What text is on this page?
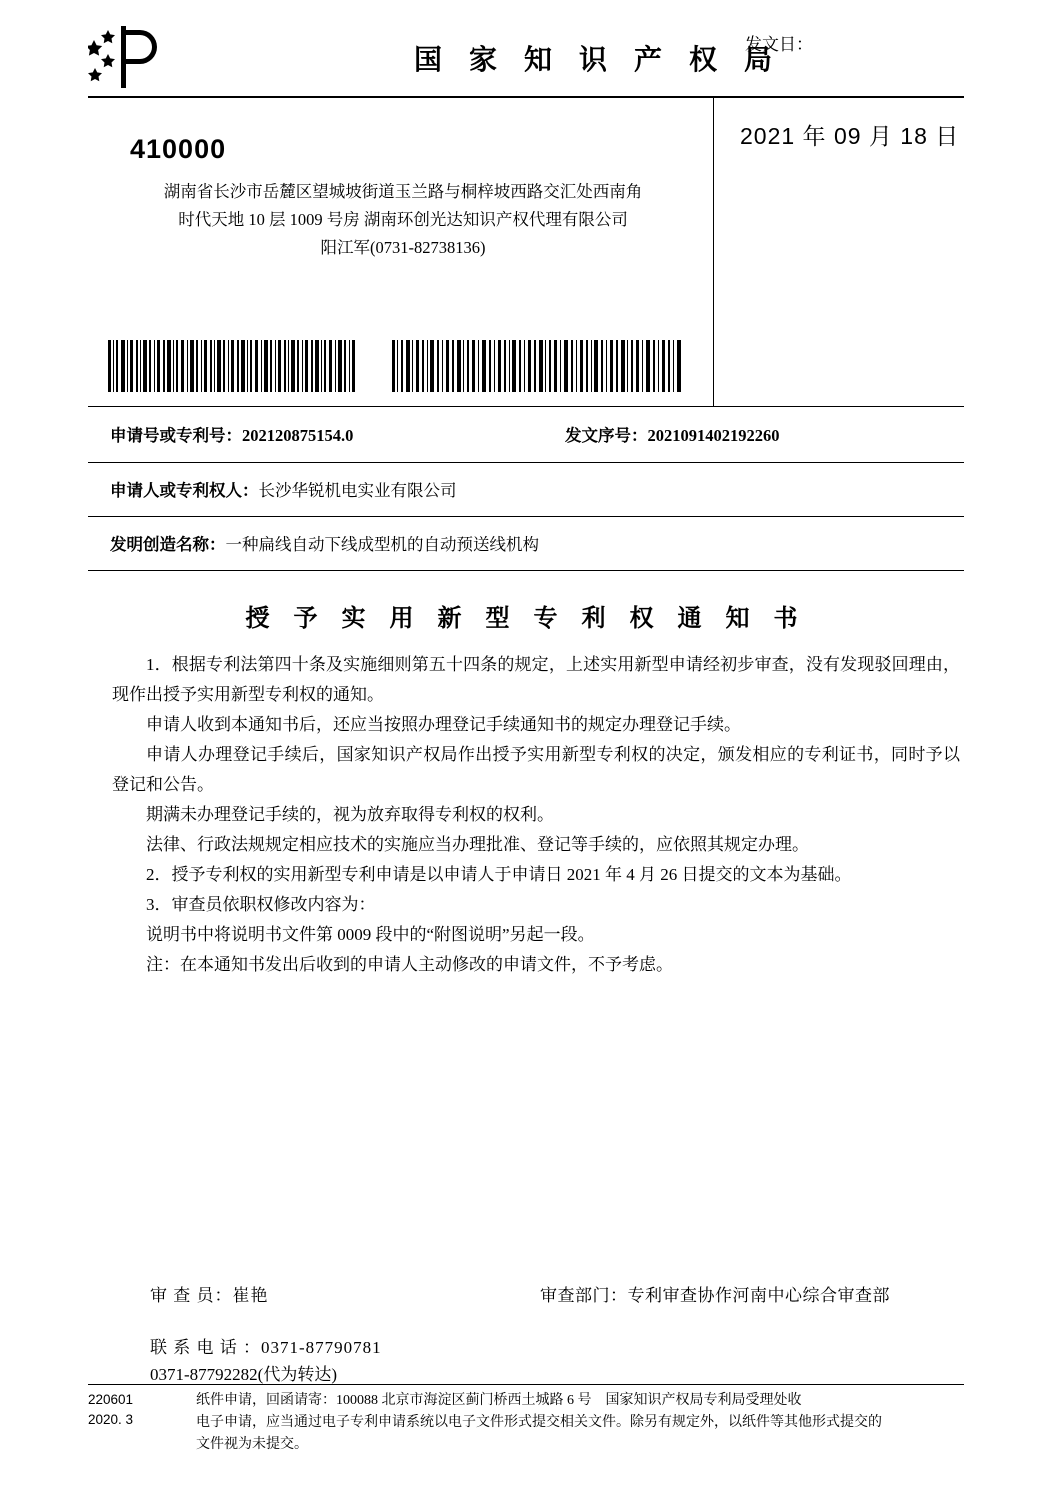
国 家 知 识 产 权 局
410000
湖南省长沙市岳麓区望城坡街道玉兰路与桐梓坡西路交汇处西南角
时代天地 10 层 1009 号房 湖南环创光达知识产权代理有限公司
阳江军(0731-82738136)
发文日：
2021 年 09 月 18 日
申请号或专利号：202120875154.0	发文序号：2021091402192260
申请人或专利权人：长沙华锐机电实业有限公司
发明创造名称：一种扁线自动下线成型机的自动预送线机构
授 予 实 用 新 型 专 利 权 通 知 书

1．根据专利法第四十条及实施细则第五十四条的规定，上述实用新型申请经初步审查，没有发现驳回理由，现作出授予实用新型专利权的通知。

申请人收到本通知书后，还应当按照办理登记手续通知书的规定办理登记手续。

申请人办理登记手续后，国家知识产权局作出授予实用新型专利权的决定，颁发相应的专利证书，同时予以登记和公告。

期满未办理登记手续的，视为放弃取得专利权的权利。

法律、行政法规规定相应技术的实施应当办理批准、登记等手续的，应依照其规定办理。

2．授予专利权的实用新型专利申请是以申请人于申请日 2021 年 4 月 26 日提交的文本为基础。

3．审查员依职权修改内容为：

说明书中将说明书文件第 0009 段中的“附图说明”另起一段。

注：在本通知书发出后收到的申请人主动修改的申请文件，不予考虑。

审 查 员：崔艳	审查部门：专利审查协作河南中心综合审查部
联 系 电 话 ：0371-87790781
0371-87792282(代为转达)
220601
2020. 3

纸件申请，回函请寄：100088 北京市海淀区蓟门桥西土城路 6 号　国家知识产权局专利局受理处收

电子申请，应当通过电子专利申请系统以电子文件形式提交相关文件。除另有规定外，以纸件等其他形式提交的

文件视为未提交。
